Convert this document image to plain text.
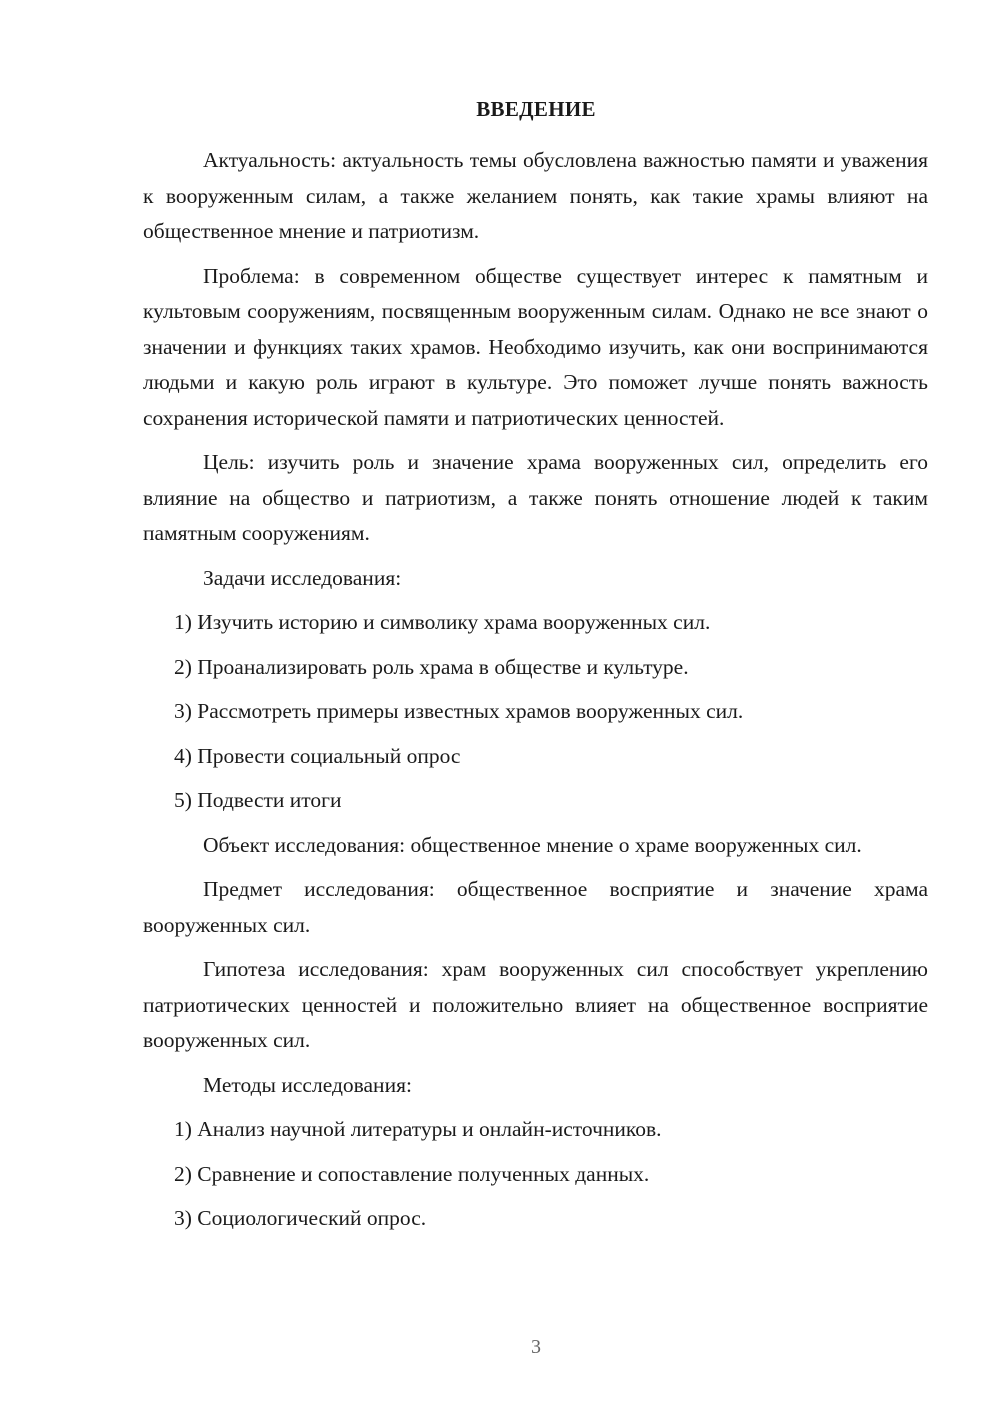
ВВЕДЕНИЕ

Актуальность: актуальность темы обусловлена важностью памяти и уважения к вооруженным силам, а также желанием понять, как такие храмы влияют на общественное мнение и патриотизм.

Проблема: в современном обществе существует интерес к памятным и культовым сооружениям, посвященным вооруженным силам. Однако не все знают о значении и функциях таких храмов. Необходимо изучить, как они воспринимаются людьми и какую роль играют в культуре. Это поможет лучше понять важность сохранения исторической памяти и патриотических ценностей.

Цель: изучить роль и значение храма вооруженных сил, определить его влияние на общество и патриотизм, а также понять отношение людей к таким памятным сооружениям.

Задачи исследования:

1) Изучить историю и символику храма вооруженных сил.

2) Проанализировать роль храма в обществе и культуре.

3) Рассмотреть примеры известных храмов вооруженных сил.

4) Провести социальный опрос

5) Подвести итоги

Объект исследования: общественное мнение о храме вооруженных сил.

Предмет исследования: общественное восприятие и значение храма вооруженных сил.

Гипотеза исследования: храм вооруженных сил способствует укреплению патриотических ценностей и положительно влияет на общественное восприятие вооруженных сил.

Методы исследования:

1) Анализ научной литературы и онлайн-источников.

2) Сравнение и сопоставление полученных данных.

3) Социологический опрос.

3
